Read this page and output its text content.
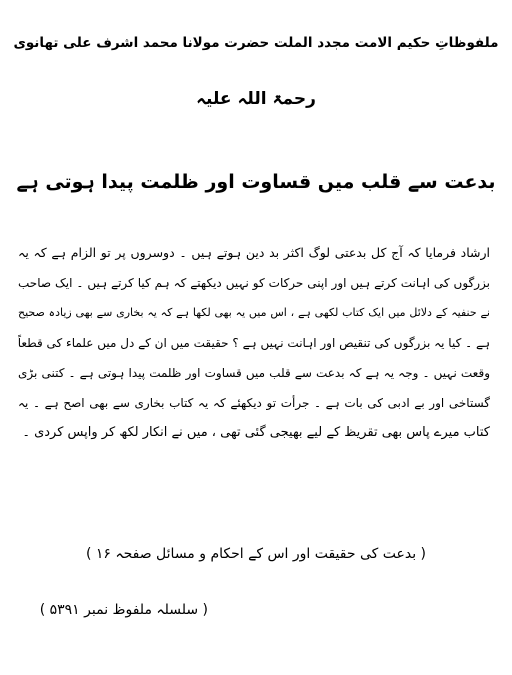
ملفوظاتِ حکیم الامت مجدد الملت حضرت مولانا محمد اشرف علی تھانوی
رحمۃ اللہ علیہ
بدعت سے قلب میں قساوت اور ظلمت پیدا ہوتی ہے
ارشاد فرمایا کہ آج کل بدعتی لوگ اکثر بد دین ہوتے ہیں ۔ دوسروں پر تو الزام ہے کہ یہ
بزرگوں کی اہانت کرتے ہیں اور اپنی حرکات کو نہیں دیکھتے کہ ہم کیا کرتے ہیں ۔ ایک صاحب
نے حنفیہ کے دلائل میں ایک کتاب لکھی ہے ، اس میں یہ بھی لکھا ہے کہ یہ بخاری سے بھی زیادہ صحیح
ہے ۔ کیا یہ بزرگوں کی تنقیص اور اہانت نہیں ہے ؟ حقیقت میں ان کے دل میں علماء کی قطعاً
وقعت نہیں ۔ وجہ یہ ہے کہ بدعت سے قلب میں قساوت اور ظلمت پیدا ہوتی ہے ۔ کتنی بڑی
گستاخی اور بے ادبی کی بات ہے ۔ جرأت تو دیکھئے کہ یہ کتاب بخاری سے بھی اصح ہے ۔ یہ
کتاب میرے پاس بھی تقریظ کے لیے بھیجی گئی تھی ، میں نے انکار لکھ کر واپس کردی ۔
( بدعت کی حقیقت اور اس کے احکام و مسائل صفحہ ۱۶ )
( سلسلہ ملفوظ نمبر ۵۳۹۱ )
